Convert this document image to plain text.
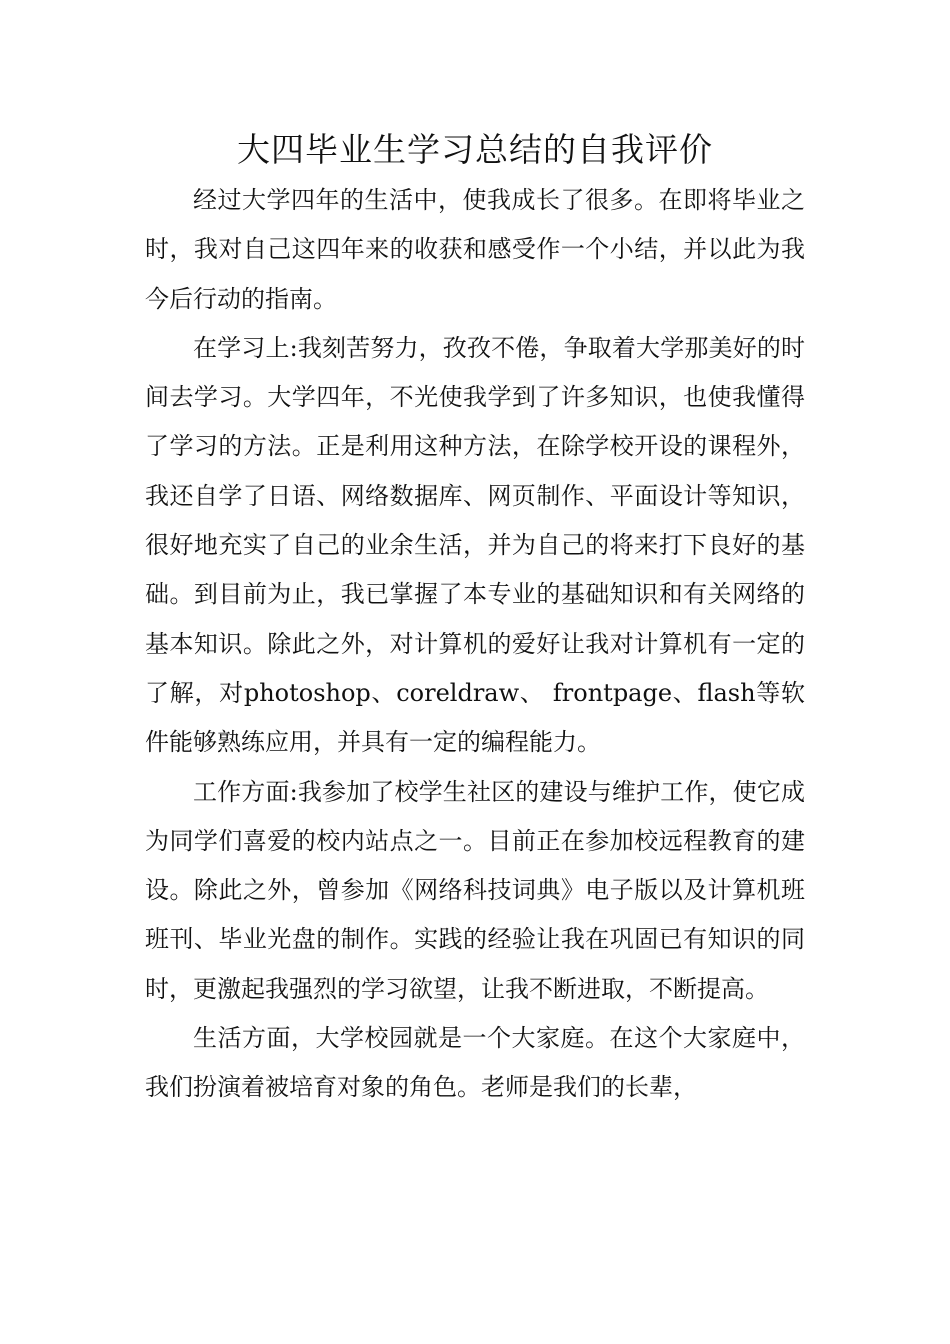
大四毕业生学习总结的自我评价

经过大学四年的生活中，使我成长了很多。在即将毕业之时，我对自己这四年来的收获和感受作一个小结，并以此为我今后行动的指南。

在学习上:我刻苦努力，孜孜不倦，争取着大学那美好的时间去学习。大学四年，不光使我学到了许多知识，也使我懂得了学习的方法。正是利用这种方法，在除学校开设的课程外，我还自学了日语、网络数据库、网页制作、平面设计等知识，很好地充实了自己的业余生活，并为自己的将来打下良好的基础。到目前为止，我已掌握了本专业的基础知识和有关网络的基本知识。除此之外，对计算机的爱好让我对计算机有一定的了解，对photoshop、coreldraw、 frontpage、flash等软件能够熟练应用，并具有一定的编程能力。

工作方面:我参加了校学生社区的建设与维护工作，使它成为同学们喜爱的校内站点之一。目前正在参加校远程教育的建设。除此之外，曾参加《网络科技词典》电子版以及计算机班班刊、毕业光盘的制作。实践的经验让我在巩固已有知识的同时，更激起我强烈的学习欲望，让我不断进取，不断提高。

生活方面，大学校园就是一个大家庭。在这个大家庭中，我们扮演着被培育对象的角色。老师是我们的长辈，
